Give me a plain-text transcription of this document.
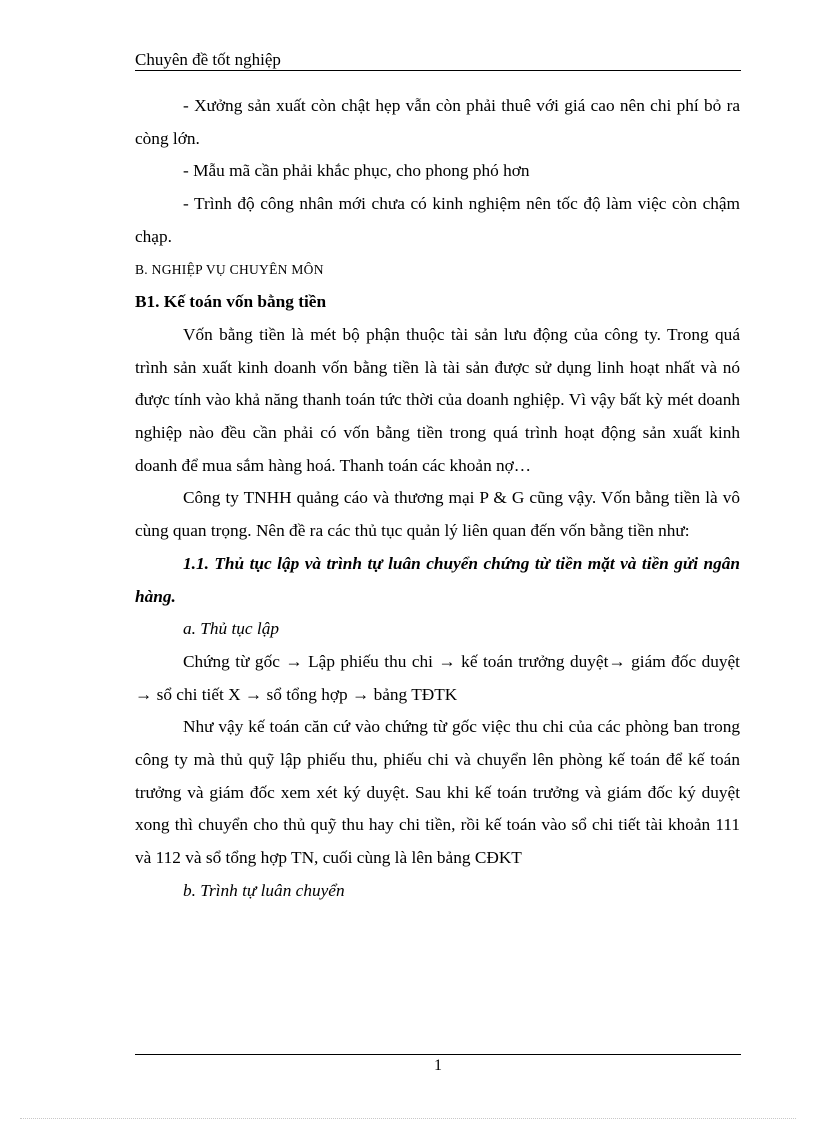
Chuyên đề tốt nghiệp

- Xưởng sản xuất còn chật hẹp vẫn còn phải thuê với giá cao nên chi phí bỏ ra còng lớn.

- Mẫu mã cần phải khắc phục, cho phong phó hơn

- Trình độ công nhân mới chưa có kinh nghiệm nên tốc độ làm việc còn chậm chạp.

B. NGHIỆP VỤ CHUYÊN MÔN

B1. Kế toán vốn bằng tiền

Vốn bằng tiền là mét bộ phận thuộc tài sản lưu động của công ty. Trong quá trình sản xuất kinh doanh vốn bằng tiền là tài sản được sử dụng linh hoạt nhất và nó được tính vào khả năng thanh toán tức thời của doanh nghiệp. Vì vậy bất kỳ mét doanh nghiệp nào đều cần phải có vốn bằng tiền trong quá trình hoạt động sản xuất kinh doanh để mua sắm hàng hoá. Thanh toán các khoản nợ…

Công ty TNHH quảng cáo và thương mại P & G cũng vậy. Vốn bằng tiền là vô cùng quan trọng. Nên đề ra các thủ tục quản lý liên quan đến vốn bằng tiền như:

1.1. Thủ tục lập và trình tự luân chuyển chứng từ tiền mặt và tiền gửi ngân hàng.

a. Thủ tục lập

Chứng từ gốc → Lập phiếu thu chi → kế toán trưởng duyệt→ giám đốc duyệt → sổ chi tiết X → sổ tổng hợp → bảng TĐTK

Như vậy kế toán căn cứ vào chứng từ gốc việc thu chi của các phòng ban trong công ty mà thủ quỹ lập phiếu thu, phiếu chi và chuyển lên phòng kế toán để kế toán trưởng và giám đốc xem xét ký duyệt. Sau khi kế toán trưởng và giám đốc ký duyệt xong thì chuyển cho thủ quỹ thu hay chi tiền, rồi kế toán vào sổ chi tiết tài khoản 111 và 112 và sổ tổng hợp TN, cuối cùng là lên bảng CĐKT

b. Trình tự luân chuyển

1
